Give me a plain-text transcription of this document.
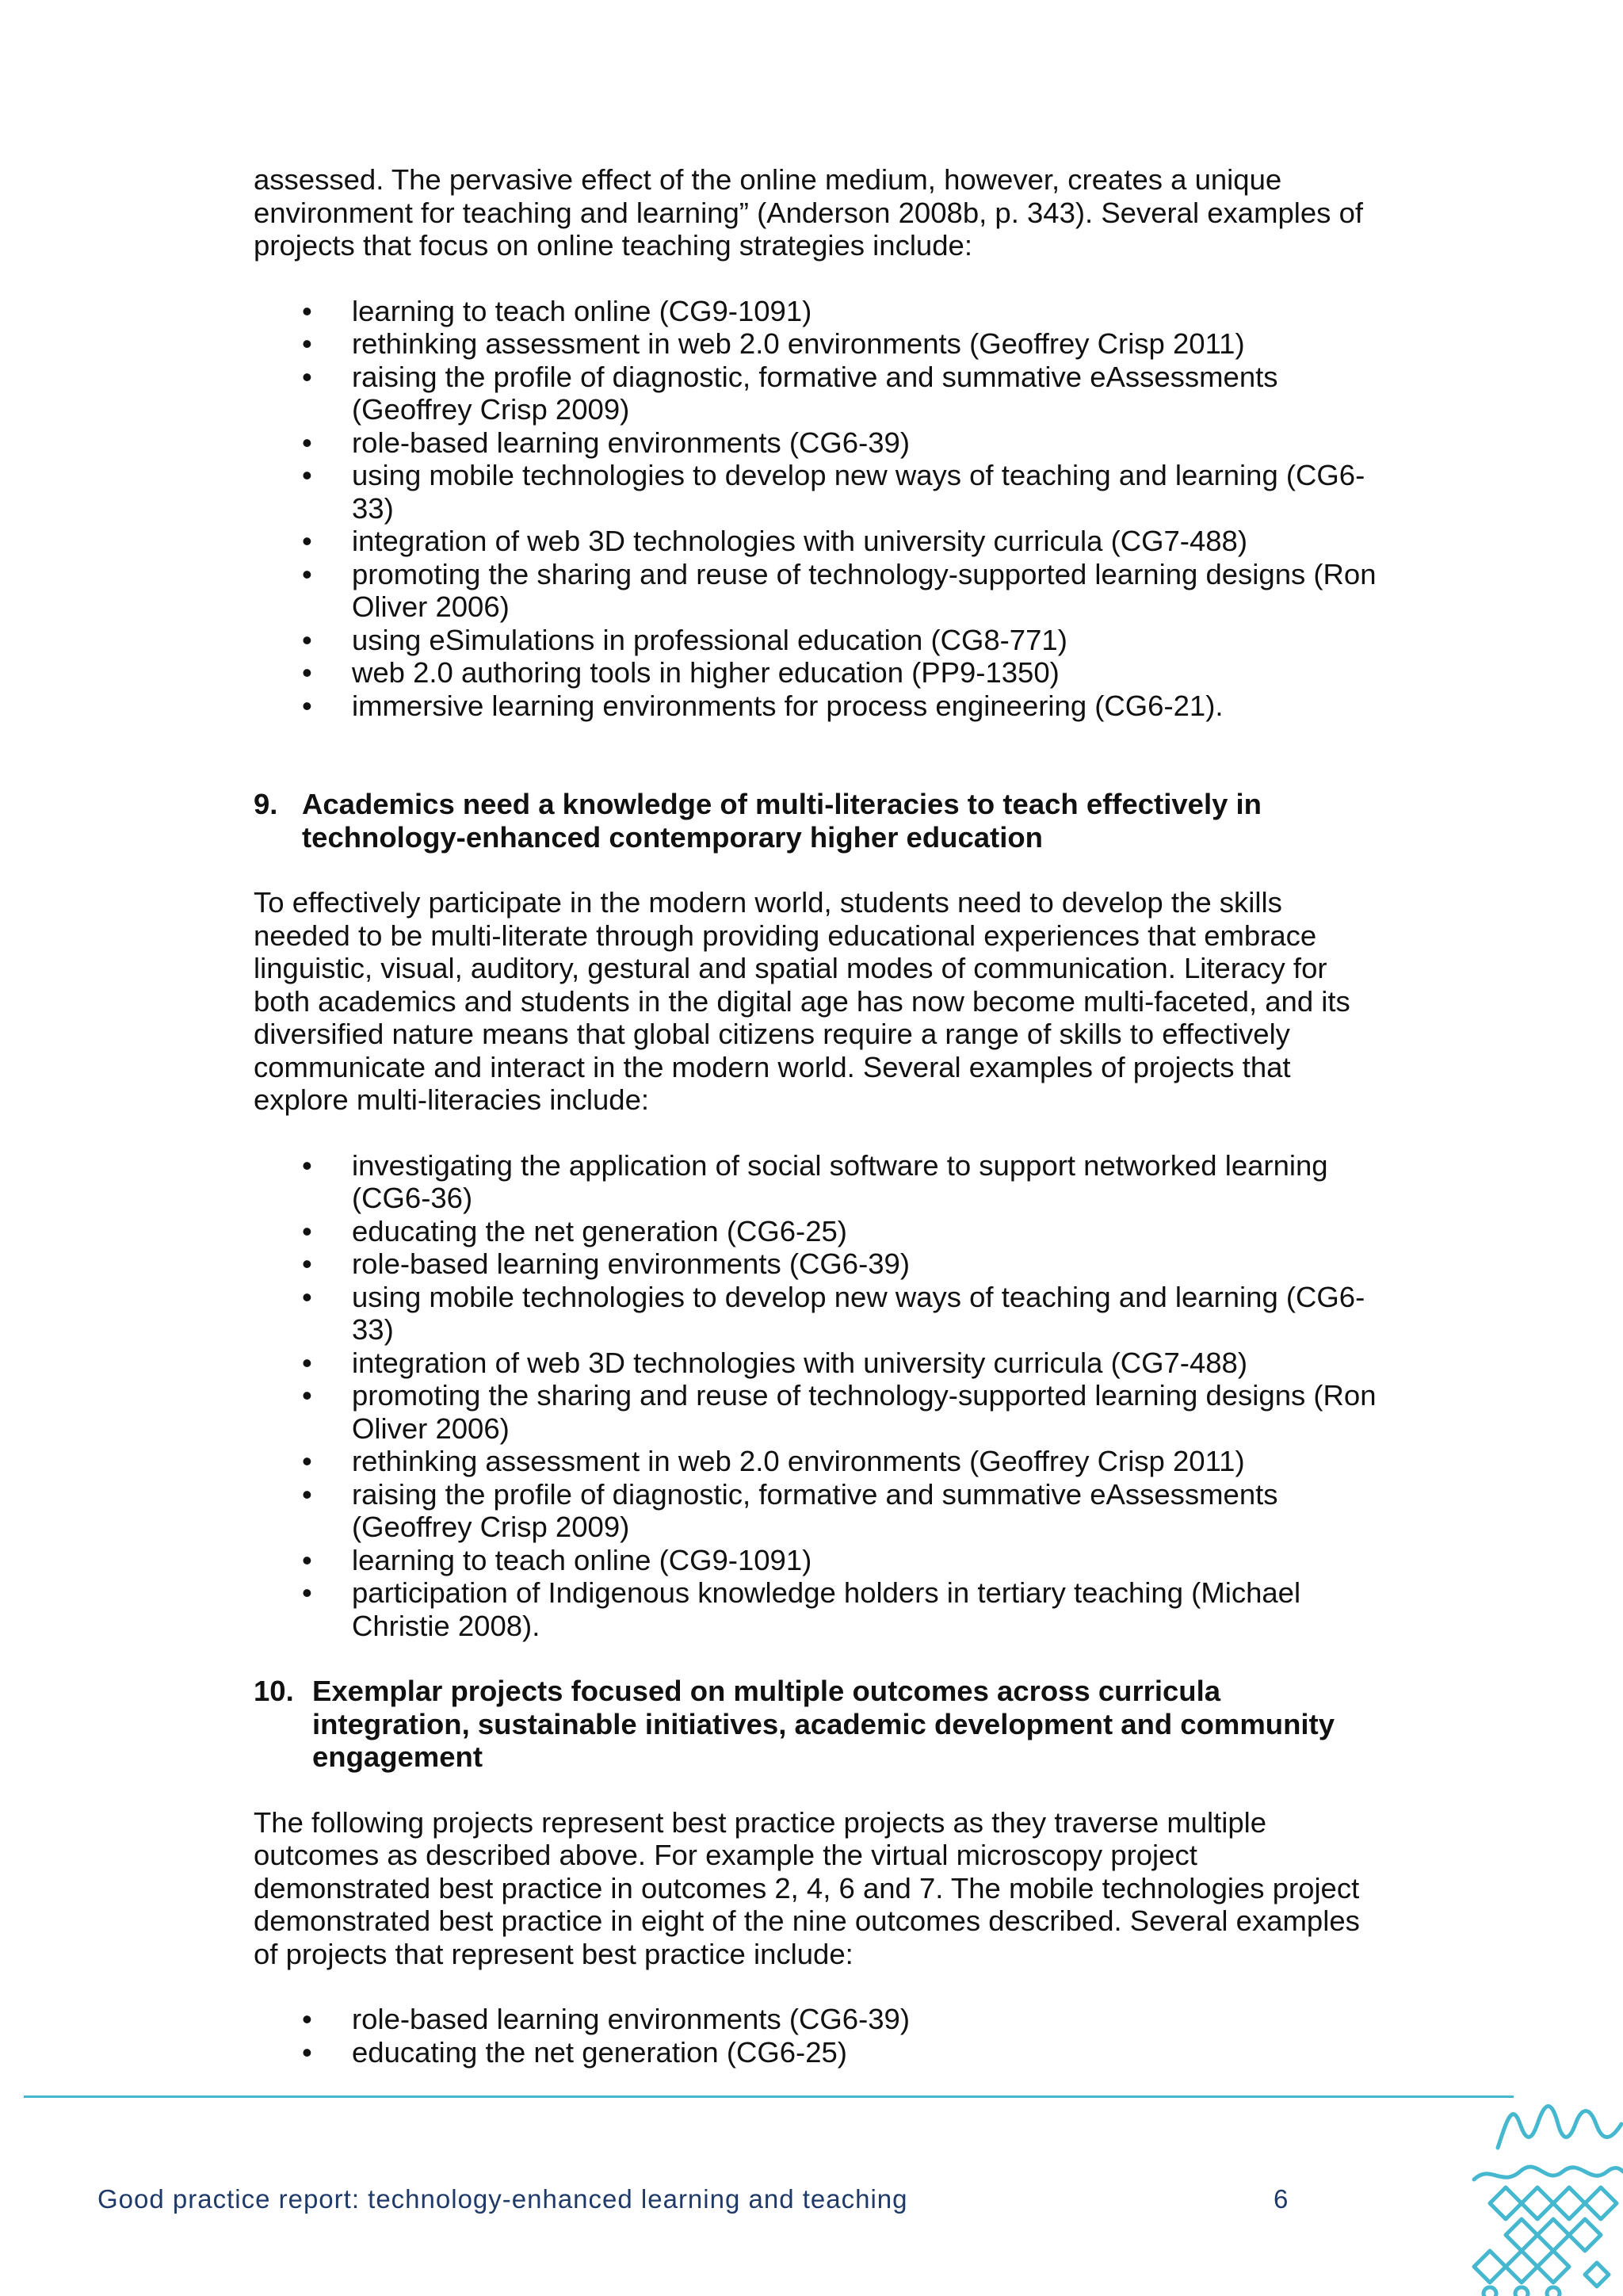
assessed. The pervasive effect of the online medium, however, creates a unique environment for teaching and learning” (Anderson 2008b, p. 343). Several examples of projects that focus on online teaching strategies include:

• learning to teach online (CG9-1091)
• rethinking assessment in web 2.0 environments (Geoffrey Crisp 2011)
• raising the profile of diagnostic, formative and summative eAssessments (Geoffrey Crisp 2009)
• role-based learning environments (CG6-39)
• using mobile technologies to develop new ways of teaching and learning (CG6-33)
• integration of web 3D technologies with university curricula (CG7-488)
• promoting the sharing and reuse of technology-supported learning designs (Ron Oliver 2006)
• using eSimulations in professional education (CG8-771)
• web 2.0 authoring tools in higher education (PP9-1350)
• immersive learning environments for process engineering (CG6-21).
9. Academics need a knowledge of multi-literacies to teach effectively in technology-enhanced contemporary higher education

To effectively participate in the modern world, students need to develop the skills needed to be multi-literate through providing educational experiences that embrace linguistic, visual, auditory, gestural and spatial modes of communication. Literacy for both academics and students in the digital age has now become multi-faceted, and its diversified nature means that global citizens require a range of skills to effectively communicate and interact in the modern world. Several examples of projects that explore multi-literacies include:

• investigating the application of social software to support networked learning (CG6-36)
• educating the net generation (CG6-25)
• role-based learning environments (CG6-39)
• using mobile technologies to develop new ways of teaching and learning (CG6-33)
• integration of web 3D technologies with university curricula (CG7-488)
• promoting the sharing and reuse of technology-supported learning designs (Ron Oliver 2006)
• rethinking assessment in web 2.0 environments (Geoffrey Crisp 2011)
• raising the profile of diagnostic, formative and summative eAssessments (Geoffrey Crisp 2009)
• learning to teach online (CG9-1091)
• participation of Indigenous knowledge holders in tertiary teaching (Michael Christie 2008).
10. Exemplar projects focused on multiple outcomes across curricula integration, sustainable initiatives, academic development and community engagement

The following projects represent best practice projects as they traverse multiple outcomes as described above. For example the virtual microscopy project demonstrated best practice in outcomes 2, 4, 6 and 7. The mobile technologies project demonstrated best practice in eight of the nine outcomes described. Several examples of projects that represent best practice include:

• role-based learning environments (CG6-39)
• educating the net generation (CG6-25)
Good practice report: technology-enhanced learning and teaching	6
